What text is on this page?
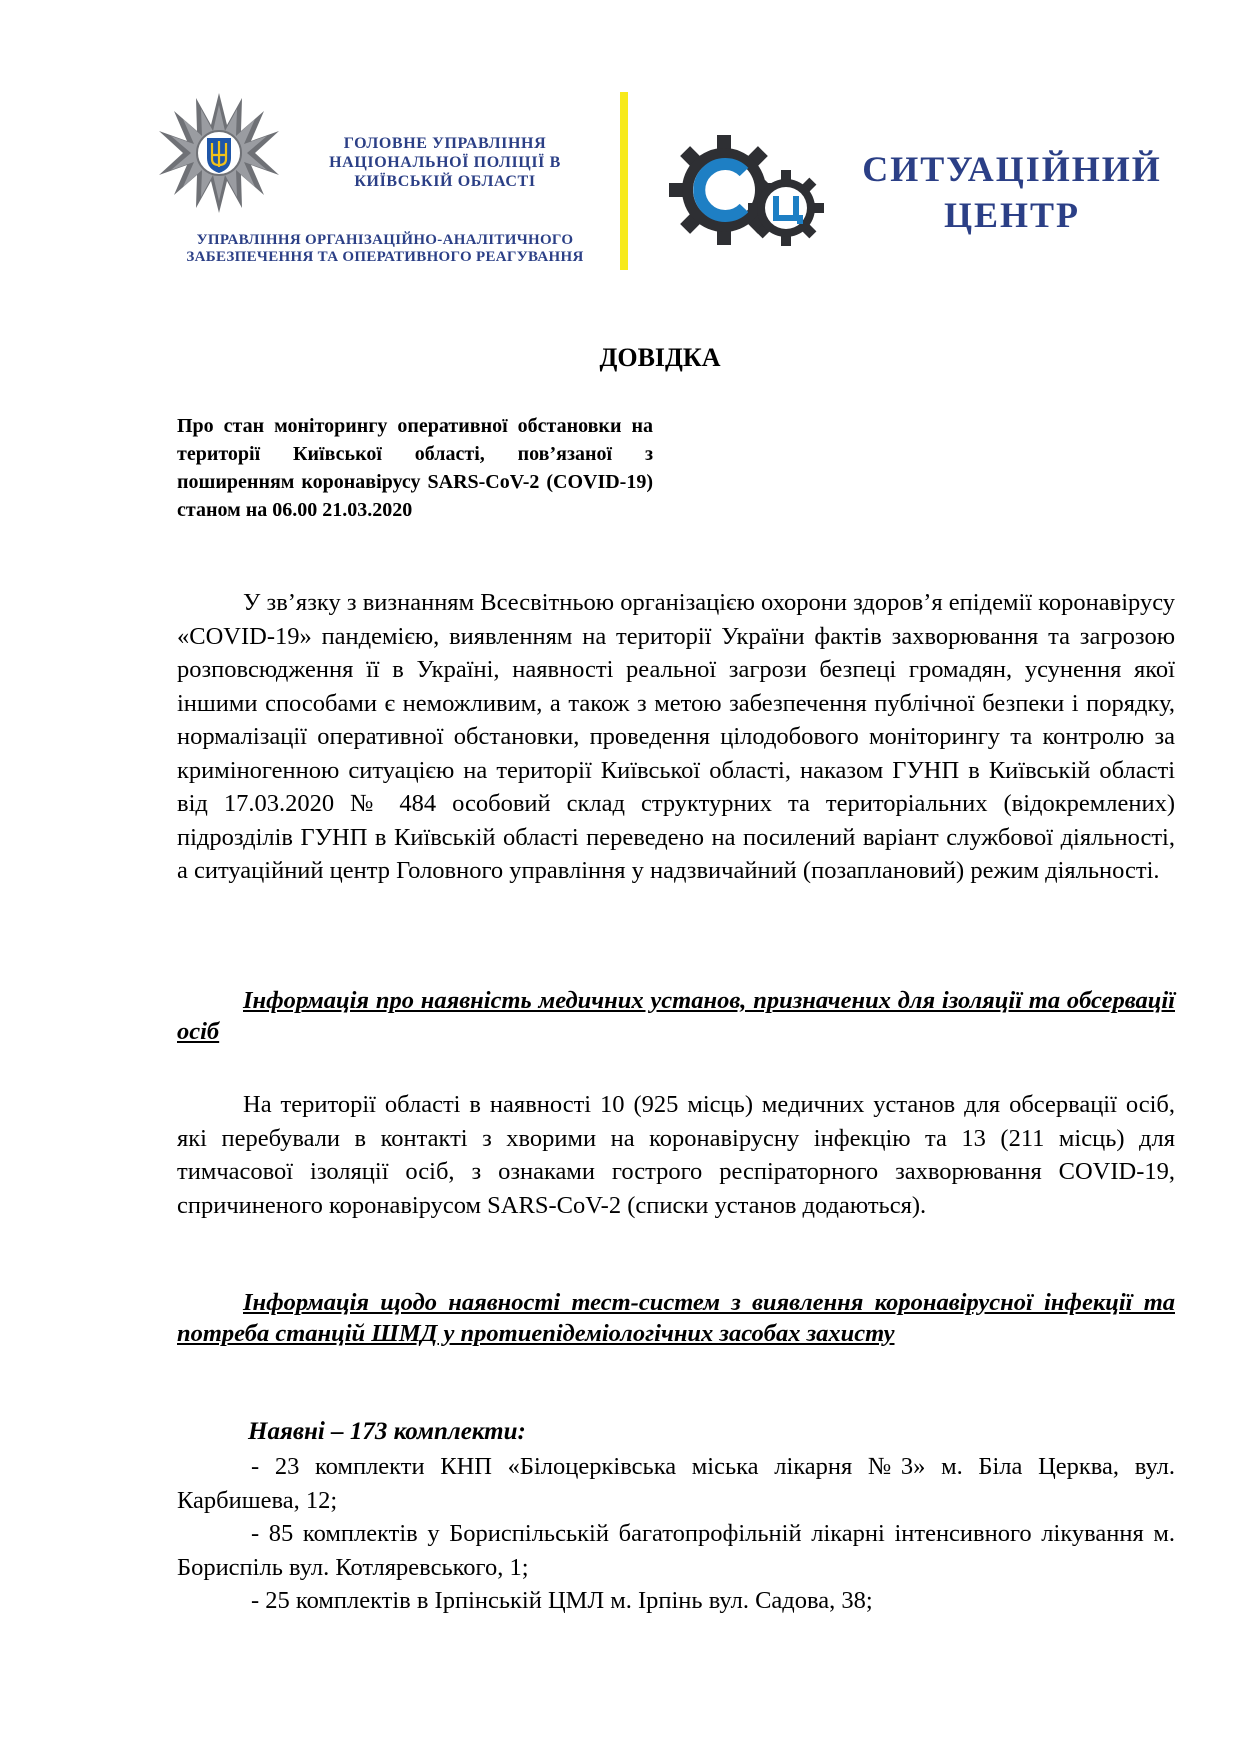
ГОЛОВНЕ УПРАВЛІННЯ НАЦІОНАЛЬНОЇ ПОЛІЦІЇ В КИЇВСЬКІЙ ОБЛАСТІ
УПРАВЛІННЯ ОРГАНІЗАЦІЙНО-АНАЛІТИЧНОГО ЗАБЕЗПЕЧЕННЯ ТА ОПЕРАТИВНОГО РЕАГУВАННЯ
СИТУАЦІЙНИЙ ЦЕНТР
ДОВІДКА
Про стан моніторингу оперативної обстановки на території Київської області, пов’язаної з поширенням коронавірусу SARS-CoV-2 (COVID-19) станом на 06.00 21.03.2020
У зв’язку з визнанням Всесвітньою організацією охорони здоров’я епідемії коронавірусу «COVID-19» пандемією, виявленням на території України фактів захворювання та загрозою розповсюдження її в Україні, наявності реальної загрози безпеці громадян, усунення якої іншими способами є неможливим, а також з метою забезпечення публічної безпеки і порядку, нормалізації оперативної обстановки, проведення цілодобового моніторингу та контролю за криміногенною ситуацією на території Київської області, наказом ГУНП в Київській області від 17.03.2020 № 484 особовий склад структурних та територіальних (відокремлених) підрозділів ГУНП в Київській області переведено на посилений варіант службової діяльності, а ситуаційний центр Головного управління у надзвичайний (позаплановий) режим діяльності.
Інформація про наявність медичних установ, призначених для ізоляції та обсервації осіб
На території області в наявності 10 (925 місць) медичних установ для обсервації осіб, які перебували в контакті з хворими на коронавірусну інфекцію та 13 (211 місць) для тимчасової ізоляції осіб, з ознаками гострого респіраторного захворювання COVID-19, спричиненого коронавірусом SARS-CoV-2 (списки установ додаються).
Інформація щодо наявності тест-систем з виявлення коронавірусної інфекції та потреба станцій ШМД у протиепідеміологічних засобах захисту
Наявні – 173 комплекти:
- 23 комплекти КНП «Білоцерківська міська лікарня №3» м. Біла Церква, вул. Карбишева, 12;
- 85 комплектів у Бориспільській багатопрофільній лікарні інтенсивного лікування м. Бориспіль вул. Котляревського, 1;
- 25 комплектів в Ірпінській ЦМЛ м. Ірпінь вул. Садова, 38;
